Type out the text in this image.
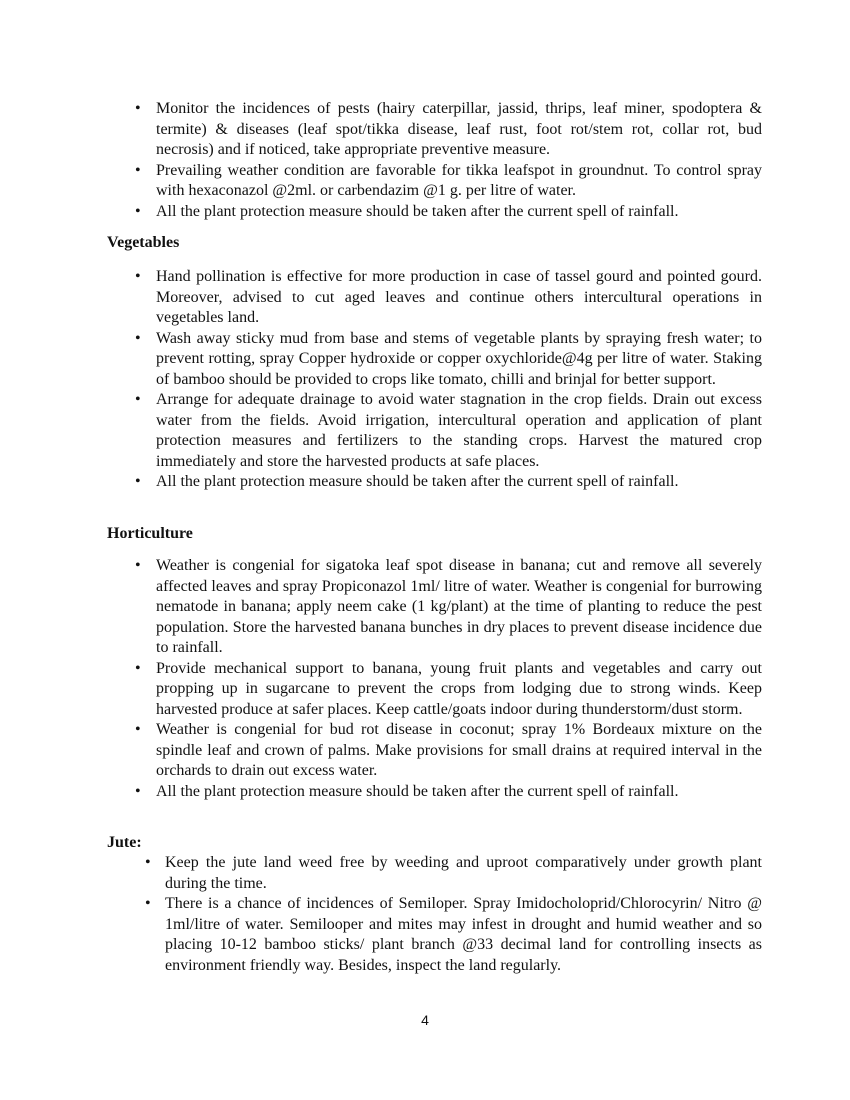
• Monitor the incidences of pests (hairy caterpillar, jassid, thrips, leaf miner, spodoptera & termite) & diseases (leaf spot/tikka disease, leaf rust, foot rot/stem rot, collar rot, bud necrosis) and if noticed, take appropriate preventive measure.
• Prevailing weather condition are favorable for tikka leafspot in groundnut. To control spray with hexaconazol @2ml. or carbendazim @1 g. per litre of water.
• All the plant protection measure should be taken after the current spell of rainfall.
Vegetables
• Hand pollination is effective for more production in case of tassel gourd and pointed gourd. Moreover, advised to cut aged leaves and continue others intercultural operations in vegetables land.
• Wash away sticky mud from base and stems of vegetable plants by spraying fresh water; to prevent rotting, spray Copper hydroxide or copper oxychloride@4g per litre of water. Staking of bamboo should be provided to crops like tomato, chilli and brinjal for better support.
• Arrange for adequate drainage to avoid water stagnation in the crop fields. Drain out excess water from the fields. Avoid irrigation, intercultural operation and application of plant protection measures and fertilizers to the standing crops. Harvest the matured crop immediately and store the harvested products at safe places.
• All the plant protection measure should be taken after the current spell of rainfall.
Horticulture
• Weather is congenial for sigatoka leaf spot disease in banana; cut and remove all severely affected leaves and spray Propiconazol 1ml/ litre of water. Weather is congenial for burrowing nematode in banana; apply neem cake (1 kg/plant) at the time of planting to reduce the pest population. Store the harvested banana bunches in dry places to prevent disease incidence due to rainfall.
• Provide mechanical support to banana, young fruit plants and vegetables and carry out propping up in sugarcane to prevent the crops from lodging due to strong winds. Keep harvested produce at safer places. Keep cattle/goats indoor during thunderstorm/dust storm.
• Weather is congenial for bud rot disease in coconut; spray 1% Bordeaux mixture on the spindle leaf and crown of palms. Make provisions for small drains at required interval in the orchards to drain out excess water.
• All the plant protection measure should be taken after the current spell of rainfall.
Jute:
• Keep the jute land weed free by weeding and uproot comparatively under growth plant during the time.
• There is a chance of incidences of Semiloper. Spray Imidocholoprid/Chlorocyrin/ Nitro @ 1ml/litre of water. Semilooper and mites may infest in drought and humid weather and so placing 10-12 bamboo sticks/ plant branch @33 decimal land for controlling insects as environment friendly way. Besides, inspect the land regularly.
4
